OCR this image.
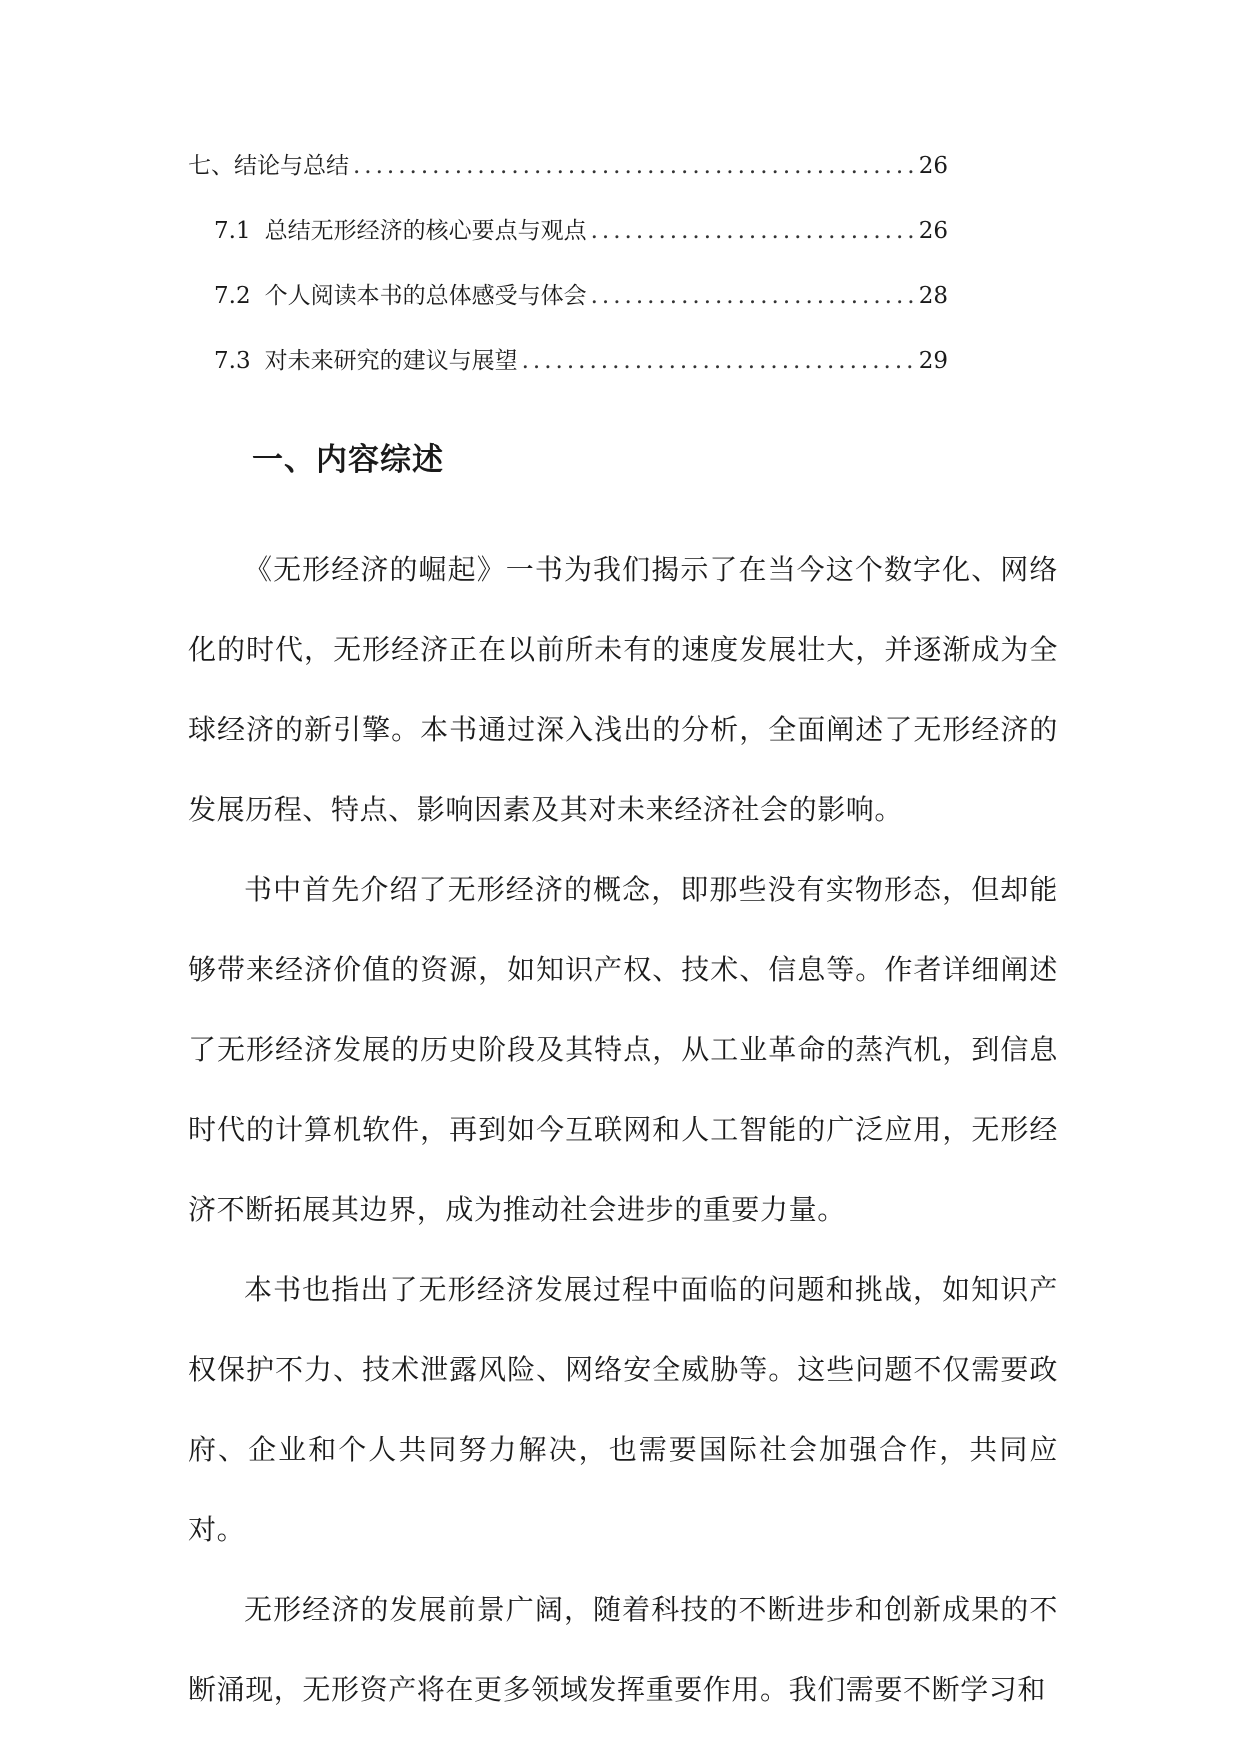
七、 结论与总结 .....	26
7.1 总结无形经济的核心要点与观点 .....	26
7.2 个人阅读本书的总体感受与体会 .....	28
7.3 对未来研究的建议与展望 .....	29
一、内容综述

《无形经济的崛起》一书为我们揭示了在当今这个数字化、网络化的时代，无形经济正在以前所未有的速度发展壮大，并逐渐成为全球经济的新引擎。本书通过深入浅出的分析，全面阐述了无形经济的发展历程、特点、影响因素及其对未来经济社会的影响。

书中首先介绍了无形经济的概念，即那些没有实物形态，但却能够带来经济价值的资源，如知识产权、技术、信息等。作者详细阐述了无形经济发展的历史阶段及其特点，从工业革命的蒸汽机，到信息时代的计算机软件，再到如今互联网和人工智能的广泛应用，无形经济不断拓展其边界，成为推动社会进步的重要力量。

本书也指出了无形经济发展过程中面临的问题和挑战，如知识产权保护不力、技术泄露风险、网络安全威胁等。这些问题不仅需要政府、企业和个人共同努力解决，也需要国际社会加强合作，共同应对。

无形经济的发展前景广阔，随着科技的不断进步和创新成果的不断涌现，无形资产将在更多领域发挥重要作用。我们需要不断学习和
